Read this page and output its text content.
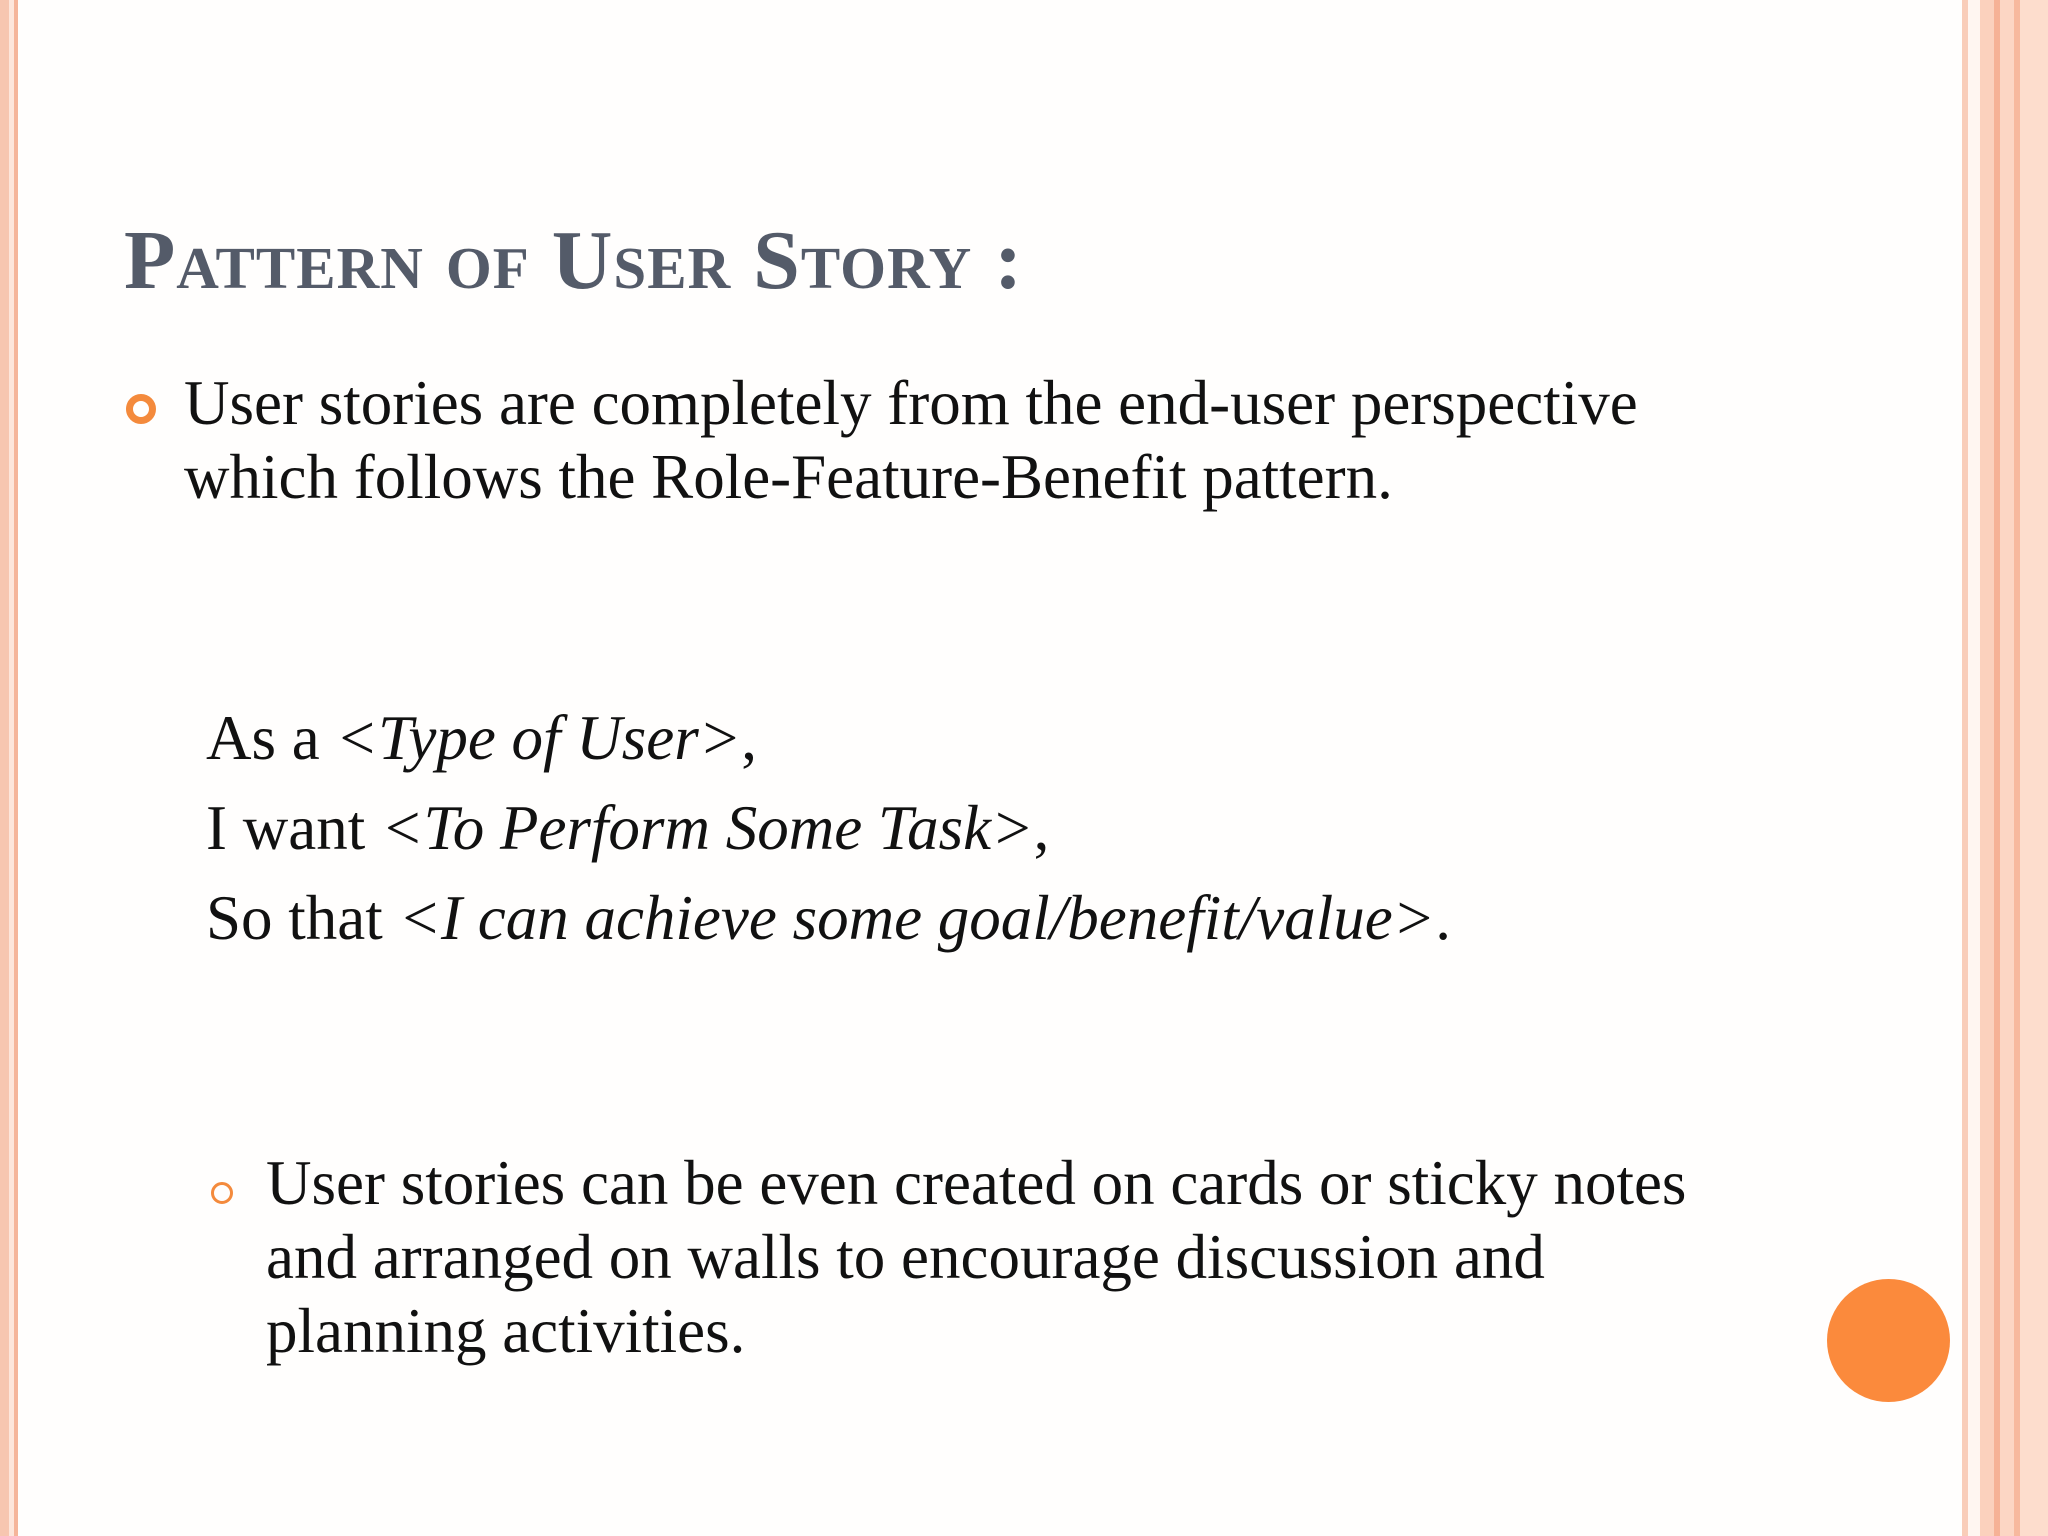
Pattern of User Story :
User stories are completely from the end-user perspective which follows the Role-Feature-Benefit pattern.
As a <Type of User>,
I want <To Perform Some Task>,
So that <I can achieve some goal/benefit/value>.
User stories can be even created on cards or sticky notes and arranged on walls to encourage discussion and planning activities.
